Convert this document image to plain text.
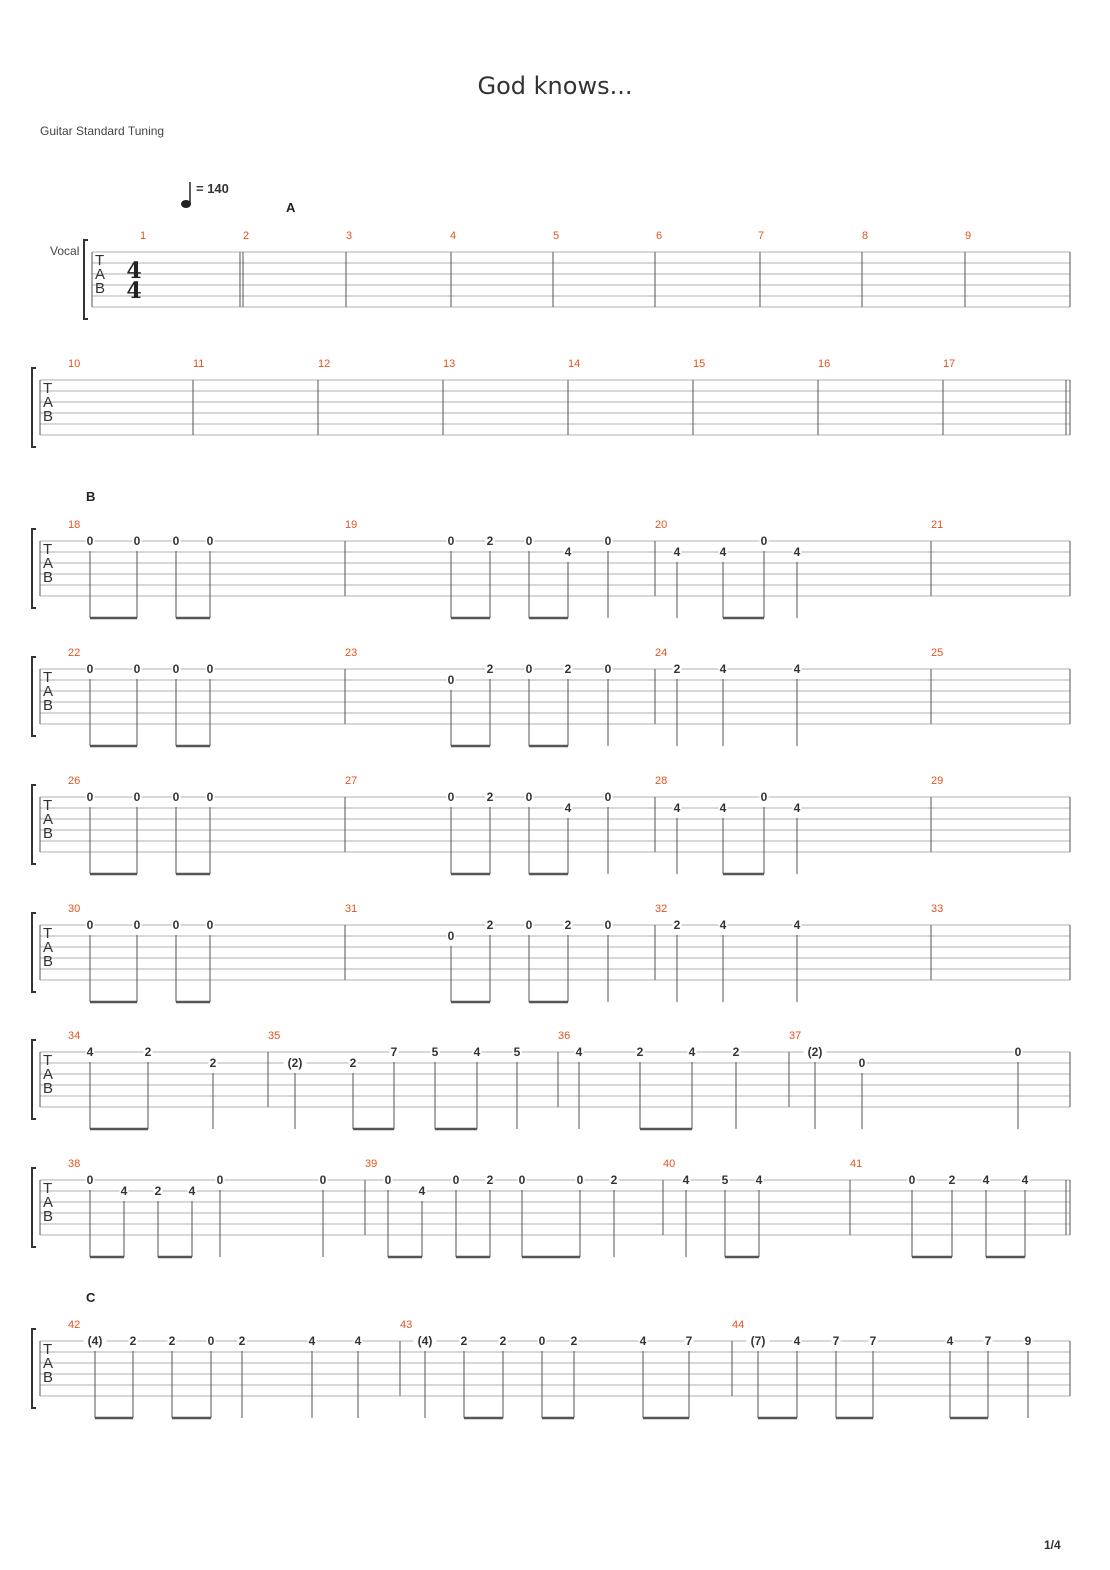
God knows...
Guitar Standard Tuning
1/4
T
A
B
1	2	3	4	5	6	7	8	9
T
A
B
10	11	12	13	14	15	16	17
T
A
B
18	19	20	21
0	0	0 0	0	2	0
4
0
4	4
0
4
T
A
B
22	23	24	25
0	0	0 0
0
2	0	2	0	2	4	4
T
A
B
26	27	28	29
0	0	0 0	0	2	0
4
0
4	4
0
4
T
A
B
30	31	32	33
0	0	0 0
0
2	0	2	0	2	4	4
T
A
B
34	35	36	37
4	2
2	(2)	2
7	5	4	5	4	2	4	2	(2)
0
0
T
A
B
38	39	40	41
0
4 2 4
0	0	0
4
0 2 0	0 2	4	5 4	0	2 4	4
T
A
B
42	43	44
(4) 2	2	0 2	4	4	(4) 2	2	0 2	4	7	(7) 4	7	7	4	7	9
4
4
= 140
Vocal
A
B
C
